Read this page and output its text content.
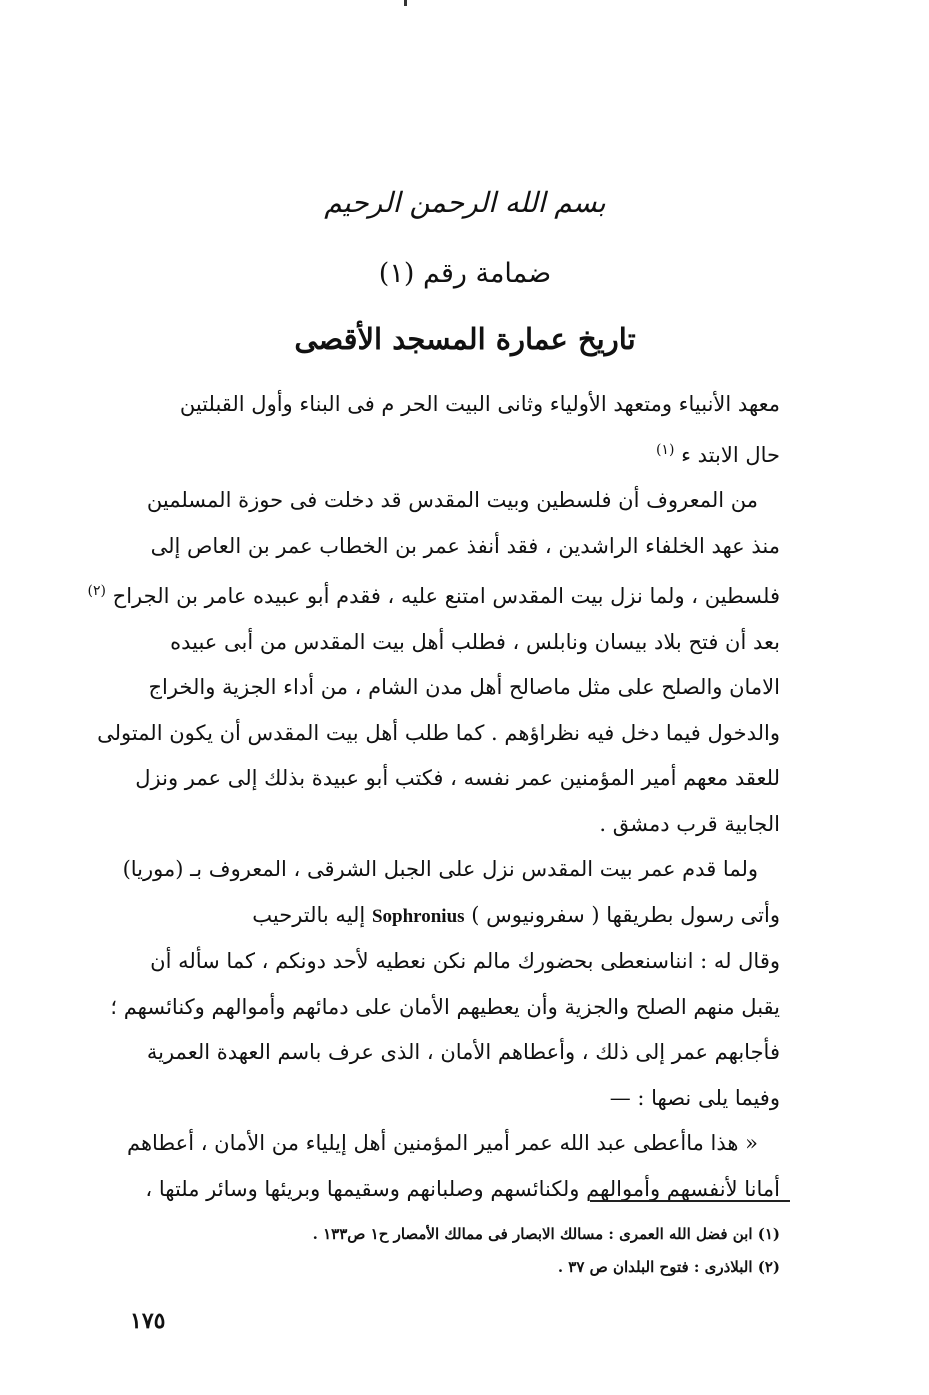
بسم الله الرحمن الرحيم
ضمامة رقم (١)
تاريخ عمارة المسجد الأقصى
معهد الأنبياء ومتعهد الأولياء وثانى البيت الحر م فى البناء وأول القبلتين
حال الابتد ء $^{(١)}$
من المعروف أن فلسطين وبيت المقدس قد دخلت فى حوزة المسلمين
منذ عهد الخلفاء الراشدين ، فقد أنفذ عمر بن الخطاب عمر بن العاص إلى
فلسطين ، ولما نزل بيت المقدس امتنع عليه ، فقدم أبو عبيده عامر بن الجراح $^{(٢)}$
بعد أن فتح بلاد بيسان ونابلس ، فطلب أهل بيت المقدس من أبى عبيده
الامان والصلح على مثل ماصالح أهل مدن الشام ، من أداء الجزية والخراج
والدخول فيما دخل فيه نظراؤهم . كما طلب أهل بيت المقدس أن يكون المتولى
للعقد معهم أمير المؤمنين عمر نفسه ، فكتب أبو عبيدة بذلك إلى عمر ونزل
الجابية قرب دمشق .
ولما قدم عمر بيت المقدس نزل على الجبل الشرقى ، المعروف بـ (موريا)
وأتى رسول بطريقها ( سفرونيوس ) Sophronius إليه بالترحيب
وقال له : انناسنعطى بحضورك مالم نكن نعطيه لأحد دونكم ، كما سأله أن
يقبل منهم الصلح والجزية وأن يعطيهم الأمان على دمائهم وأموالهم وكنائسهم ؛
فأجابهم عمر إلى ذلك ، وأعطاهم الأمان ، الذى عرف باسم العهدة العمرية
وفيما يلى نصها : —
« هذا ماأعطى عبد الله عمر أمير المؤمنين أهل إيلياء من الأمان ، أعطاهم
أمانا لأنفسهم وأموالهم ولكنائسهم وصلبانهم وسقيمها وبريئها وسائر ملتها ،
(١) ابن فضل الله العمرى : مسالك الابصار فى ممالك الأمصار ح١ ص١٣٣ .
(٢) البلاذرى : فتوح البلدان ص ٣٧ .
١٧٥
